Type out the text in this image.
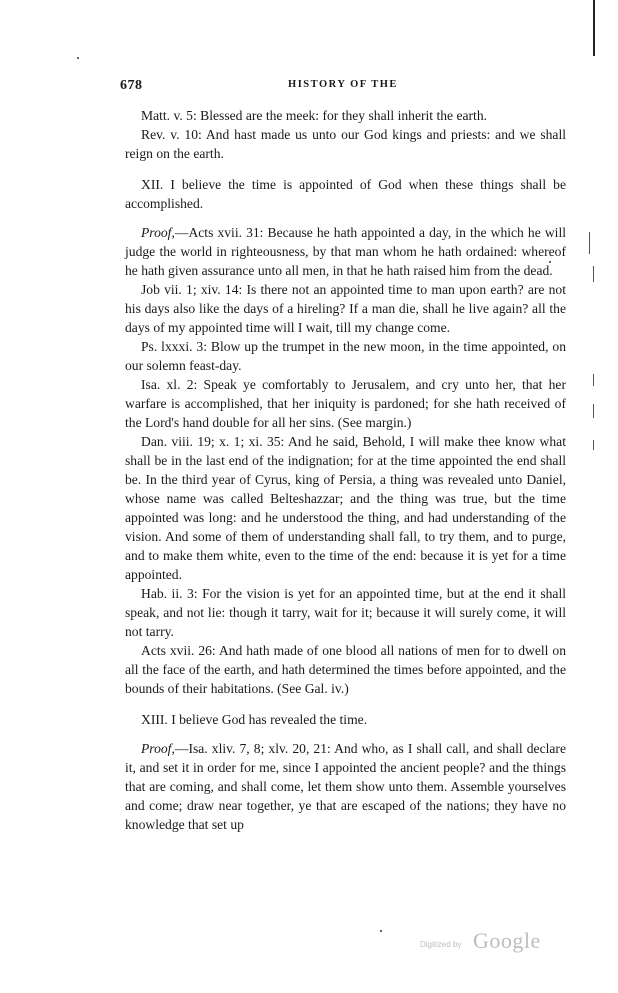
678	HISTORY OF THE

Matt. v. 5: Blessed are the meek: for they shall inherit the earth.

Rev. v. 10: And hast made us unto our God kings and priests: and we shall reign on the earth.

XII. I believe the time is appointed of God when these things shall be accomplished.

Proof,—Acts xvii. 31: Because he hath appointed a day, in the which he will judge the world in righteousness, by that man whom he hath ordained: whereof he hath given assurance unto all men, in that he hath raised him from the dead.

Job vii. 1; xiv. 14: Is there not an appointed time to man upon earth? are not his days also like the days of a hireling? If a man die, shall he live again? all the days of my appointed time will I wait, till my change come.

Ps. lxxxi. 3: Blow up the trumpet in the new moon, in the time appointed, on our solemn feast-day.

Isa. xl. 2: Speak ye comfortably to Jerusalem, and cry unto her, that her warfare is accomplished, that her iniquity is pardoned; for she hath received of the Lord's hand double for all her sins. (See margin.)

Dan. viii. 19; x. 1; xi. 35: And he said, Behold, I will make thee know what shall be in the last end of the indignation; for at the time appointed the end shall be. In the third year of Cyrus, king of Persia, a thing was revealed unto Daniel, whose name was called Belteshazzar; and the thing was true, but the time appointed was long: and he understood the thing, and had understanding of the vision. And some of them of understanding shall fall, to try them, and to purge, and to make them white, even to the time of the end: because it is yet for a time appointed.

Hab. ii. 3: For the vision is yet for an appointed time, but at the end it shall speak, and not lie: though it tarry, wait for it; because it will surely come, it will not tarry.

Acts xvii. 26: And hath made of one blood all nations of men for to dwell on all the face of the earth, and hath determined the times before appointed, and the bounds of their habitations. (See Gal. iv.)

XIII. I believe God has revealed the time.

Proof,—Isa. xliv. 7, 8; xlv. 20, 21: And who, as I shall call, and shall declare it, and set it in order for me, since I appointed the ancient people? and the things that are coming, and shall come, let them show unto them. Assemble yourselves and come; draw near together, ye that are escaped of the nations; they have no knowledge that set up

Digitized by Google
